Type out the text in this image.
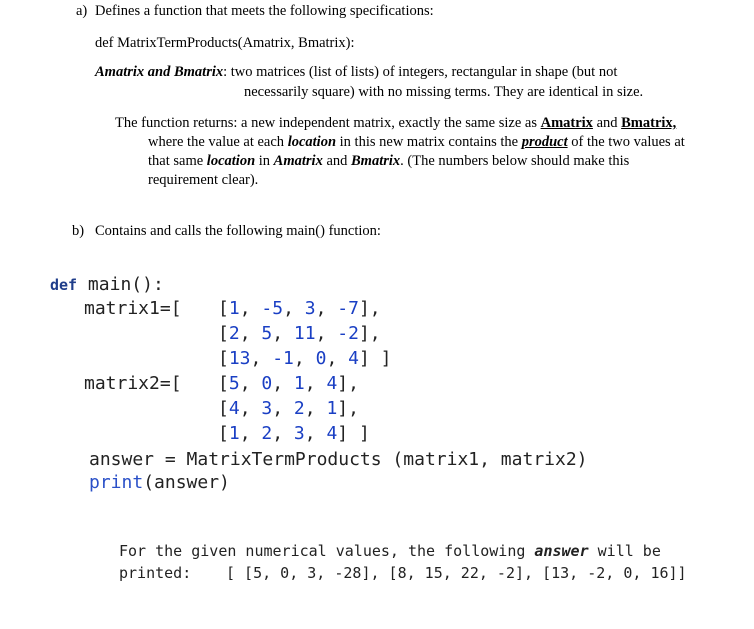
a) Defines a function that meets the following specifications:
def MatrixTermProducts(Amatrix, Bmatrix):
Amatrix and Bmatrix: two matrices (list of lists) of integers, rectangular in shape (but not
necessarily square) with no missing terms. They are identical in size.
The function returns: a new independent matrix, exactly the same size as Amatrix and Bmatrix,
where the value at each location in this new matrix contains the product of the two values at
that same location in Amatrix and Bmatrix. (The numbers below should make this
requirement clear).
b) Contains and calls the following main() function:
def main():
matrix1=[ [1, -5, 3, -7],
[2, 5, 11, -2],
[13, -1, 0, 4] ]
matrix2=[ [5, 0, 1, 4],
[4, 3, 2, 1],
[1, 2, 3, 4] ]
answer = MatrixTermProducts (matrix1, matrix2)
print(answer)
For the given numerical values, the following answer will be
printed: [ [5, 0, 3, -28], [8, 15, 22, -2], [13, -2, 0, 16]]
